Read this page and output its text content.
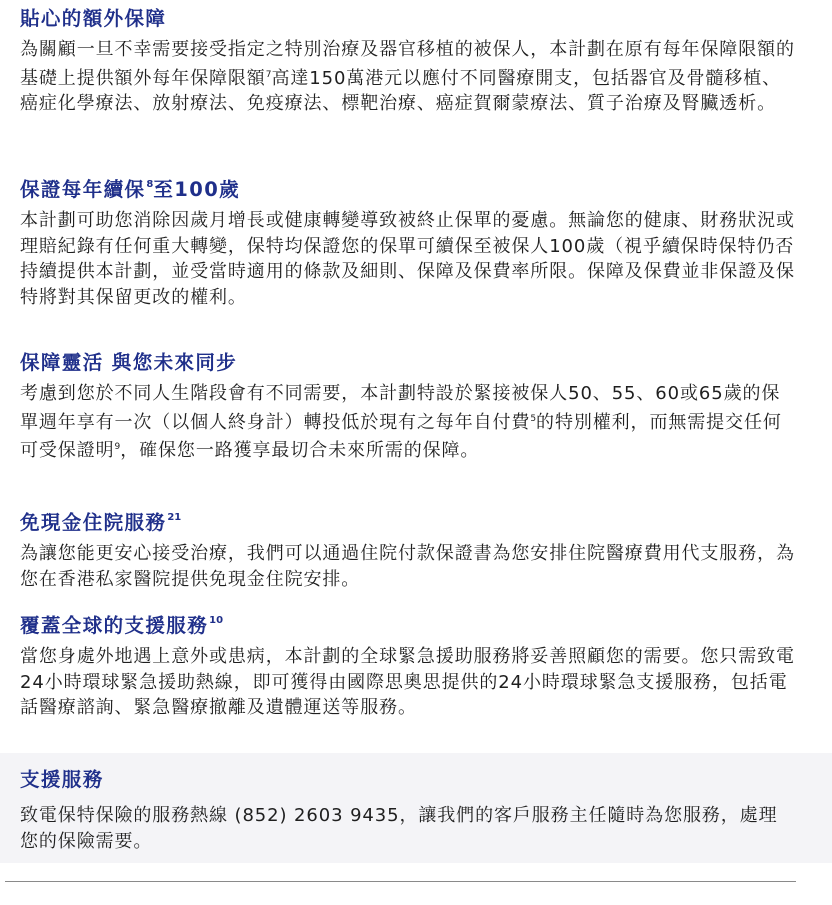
貼心的額外保障
為關顧一旦不幸需要接受指定之特別治療及器官移植的被保人，本計劃在原有每年保障限額的基礎上提供額外每年保障限額$^7$高達150萬港元以應付不同醫療開支，包括器官及骨髓移植、癌症化學療法、放射療法、免疫療法、標靶治療、癌症賀爾蒙療法、質子治療及腎臟透析。
保證每年續保$^8$至100歲
本計劃可助您消除因歲月增長或健康轉變導致被終止保單的憂慮。無論您的健康、財務狀況或理賠紀錄有任何重大轉變，保特均保證您的保單可續保至被保人100歲（視乎續保時保特仍否持續提供本計劃，並受當時適用的條款及細則、保障及保費率所限。保障及保費並非保證及保特將對其保留更改的權利。
保障靈活 與您未來同步
考慮到您於不同人生階段會有不同需要，本計劃特設於緊接被保人50、55、60或65歲的保單週年享有一次（以個人終身計）轉投低於現有之每年自付費$^5$的特別權利，而無需提交任何可受保證明$^9$，確保您一路獲享最切合未來所需的保障。
免現金住院服務$^{21}$
為讓您能更安心接受治療，我們可以通過住院付款保證書為您安排住院醫療費用代支服務，為您在香港私家醫院提供免現金住院安排。
覆蓋全球的支援服務$^{10}$
當您身處外地遇上意外或患病，本計劃的全球緊急援助服務將妥善照顧您的需要。您只需致電24小時環球緊急援助熱線，即可獲得由國際思奧思提供的24小時環球緊急支援服務，包括電話醫療諮詢、緊急醫療撤離及遺體運送等服務。
支援服務
致電保特保險的服務熱線 (852) 2603 9435，讓我們的客戶服務主任隨時為您服務，處理您的保險需要。
